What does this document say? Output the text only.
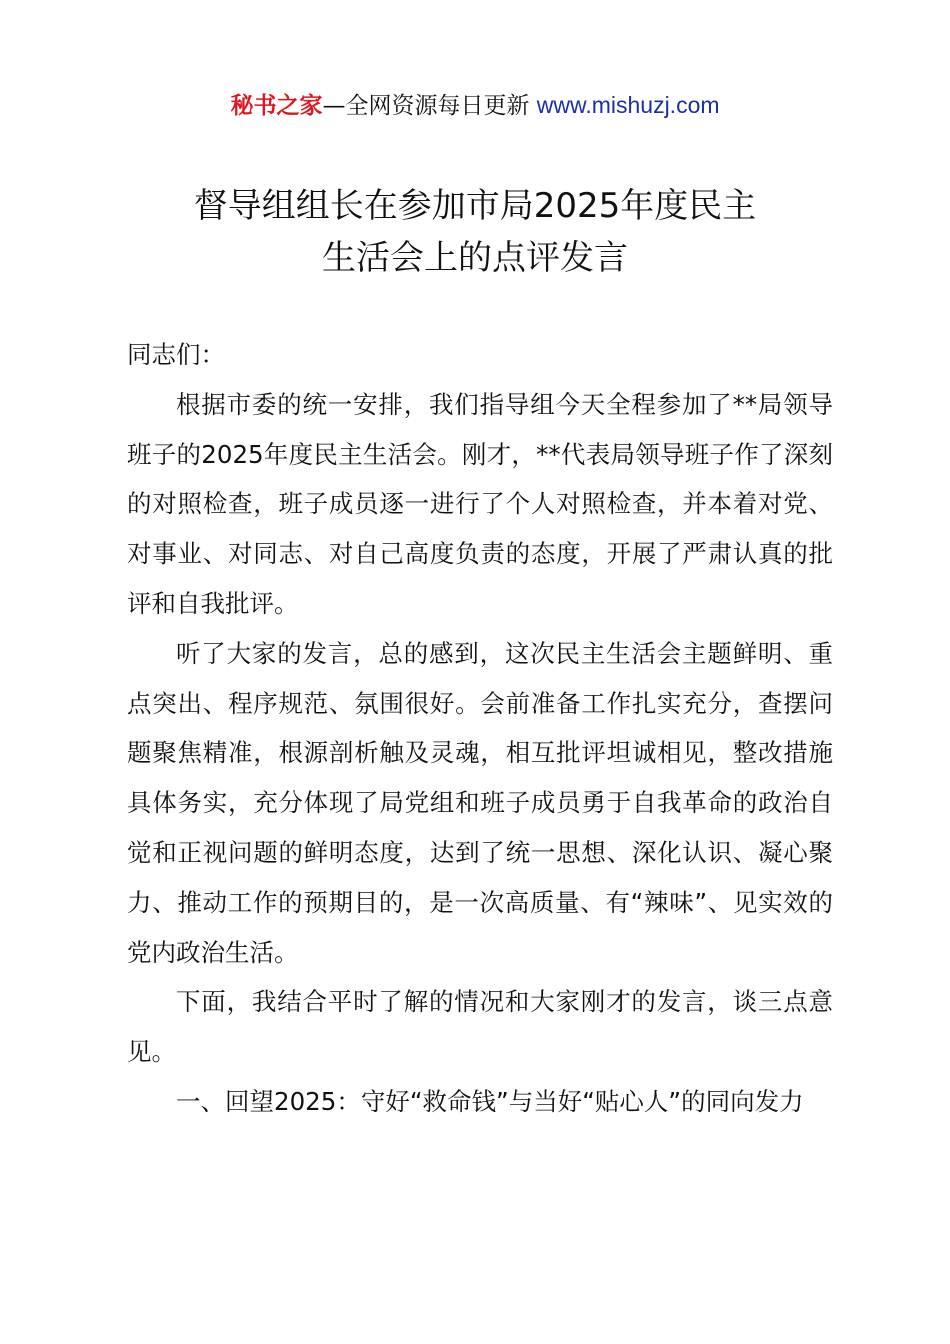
秘书之家—全网资源每日更新 www.mishuzj.com
督导组组长在参加市局2025年度民主
生活会上的点评发言

同志们：

根据市委的统一安排，我们指导组今天全程参加了**局领导班子的2025年度民主生活会。刚才，**代表局领导班子作了深刻的对照检查，班子成员逐一进行了个人对照检查，并本着对党、对事业、对同志、对自己高度负责的态度，开展了严肃认真的批评和自我批评。

听了大家的发言，总的感到，这次民主生活会主题鲜明、重点突出、程序规范、氛围很好。会前准备工作扎实充分，查摆问题聚焦精准，根源剖析触及灵魂，相互批评坦诚相见，整改措施具体务实，充分体现了局党组和班子成员勇于自我革命的政治自觉和正视问题的鲜明态度，达到了统一思想、深化认识、凝心聚力、推动工作的预期目的，是一次高质量、有“辣味”、见实效的党内政治生活。

下面，我结合平时了解的情况和大家刚才的发言，谈三点意见。

一、回望2025：守好“救命钱”与当好“贴心人”的同向发力
